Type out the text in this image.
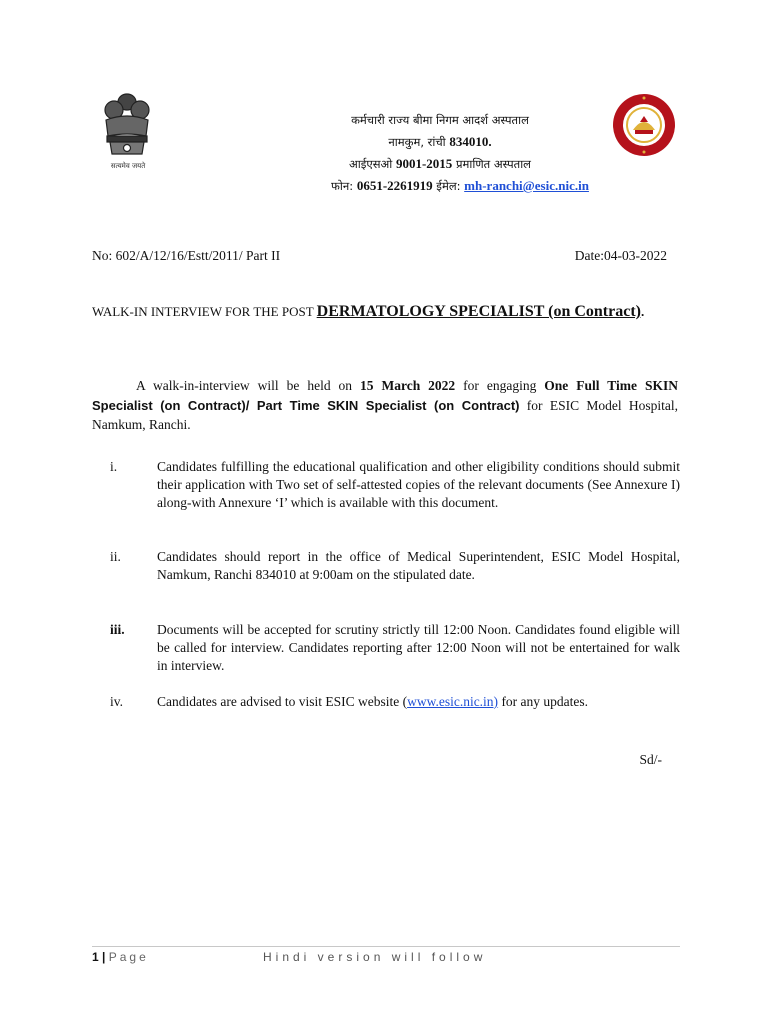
सत्यमेव जयते
कर्मचारी राज्य बीमा निगम आदर्श अस्पताल
नामकुम, रांची 834010.
आईएसओ 9001-2015 प्रमाणित अस्पताल
फोन: 0651-2261919 ईमेल: mh-ranchi@esic.nic.in
No: 602/A/12/16/Estt/2011/ Part II	Date:04-03-2022
WALK-IN INTERVIEW FOR THE POST DERMATOLOGY SPECIALIST (on Contract).
A walk-in-interview will be held on 15 March 2022 for engaging One Full Time SKIN Specialist (on Contract)/ Part Time SKIN Specialist (on Contract) for ESIC Model Hospital, Namkum, Ranchi.
i.	Candidates fulfilling the educational qualification and other eligibility conditions should submit their application with Two set of self-attested copies of the relevant documents (See Annexure I) along-with Annexure ‘I’ which is available with this document.
ii.	Candidates should report in the office of Medical Superintendent, ESIC Model Hospital, Namkum, Ranchi 834010 at 9:00am on the stipulated date.
iii. Documents will be accepted for scrutiny strictly till 12:00 Noon. Candidates found eligible will be called for interview. Candidates reporting after 12:00 Noon will not be entertained for walk in interview.
iv.	Candidates are advised to visit ESIC website (www.esic.nic.in) for any updates.
Sd/-
1 | Page	Hindi version will follow
